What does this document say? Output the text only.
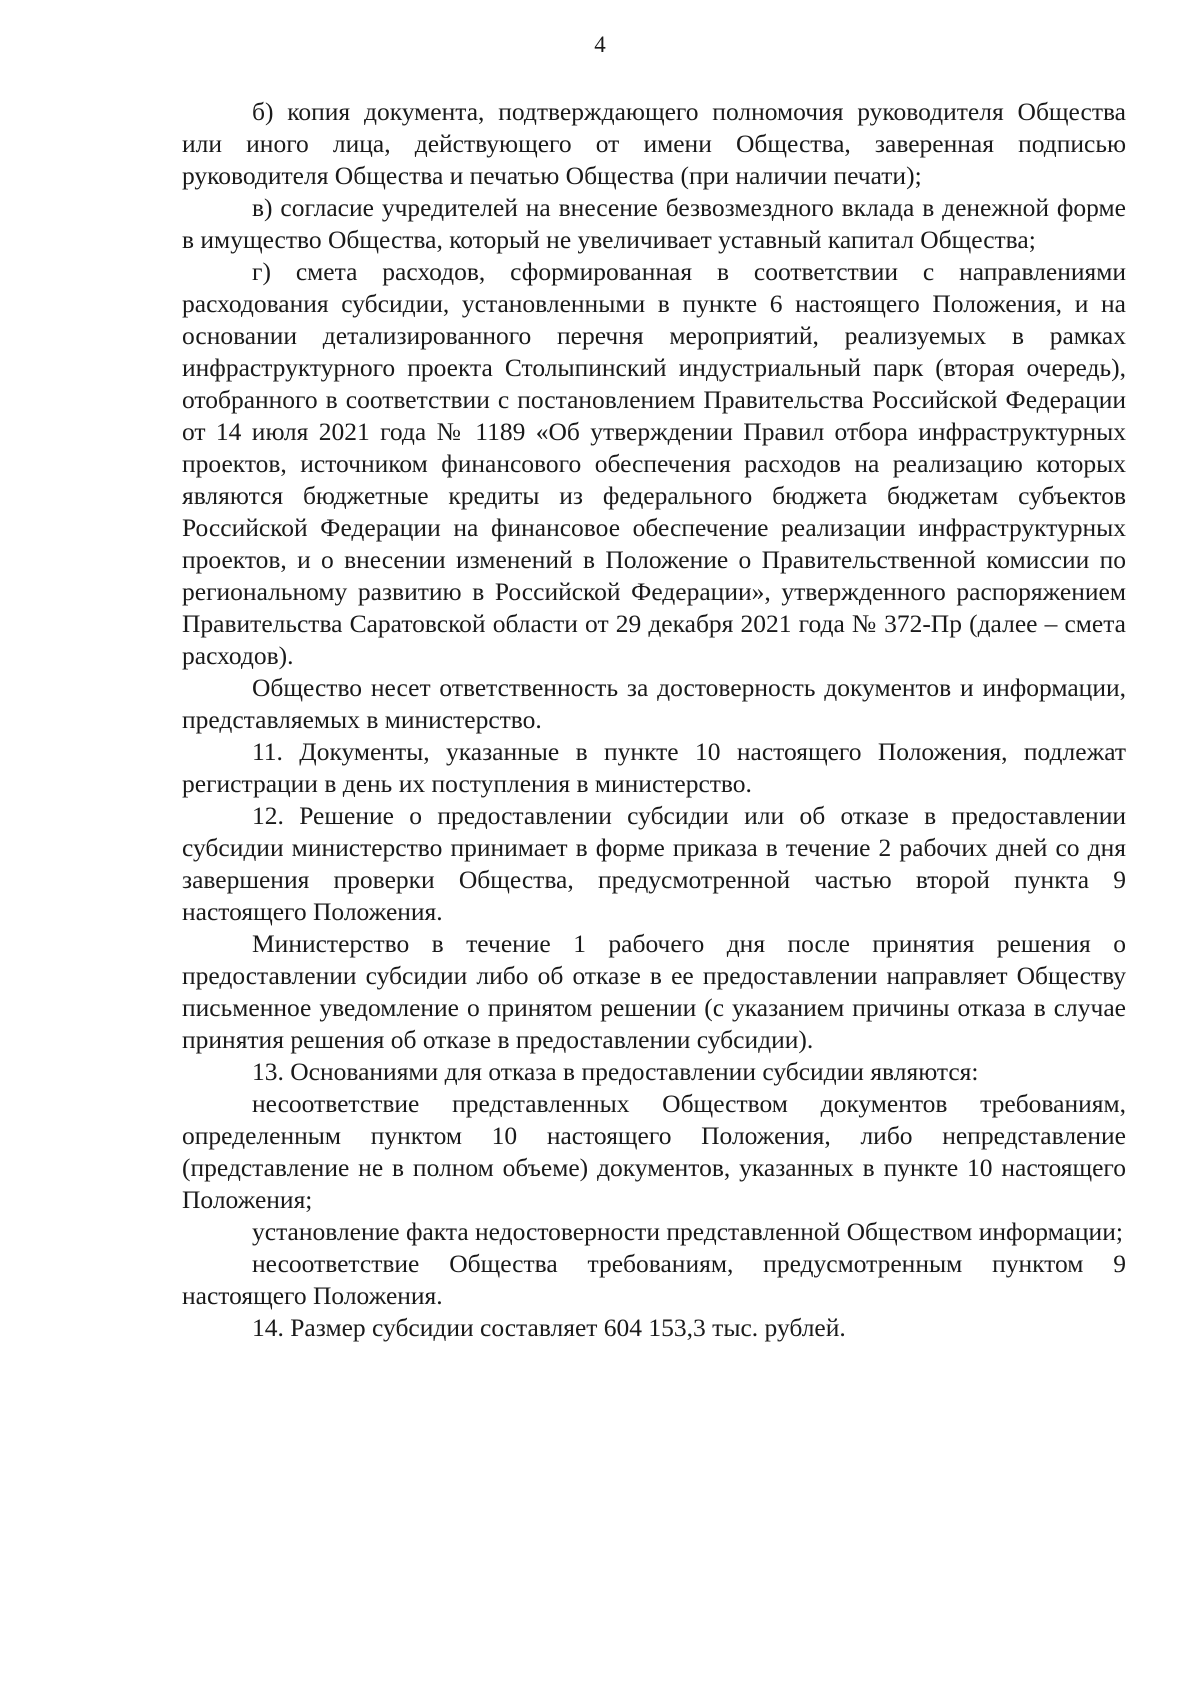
4

б) копия документа, подтверждающего полномочия руководителя Общества или иного лица, действующего от имени Общества, заверенная подписью руководителя Общества и печатью Общества (при наличии печати);

в) согласие учредителей на внесение безвозмездного вклада в денежной форме в имущество Общества, который не увеличивает уставный капитал Общества;

г) смета расходов, сформированная в соответствии с направлениями расходования субсидии, установленными в пункте 6 настоящего Положения, и на основании детализированного перечня мероприятий, реализуемых в рамках инфраструктурного проекта Столыпинский индустриальный парк (вторая очередь), отобранного в соответствии с постановлением Правительства Российской Федерации от 14 июля 2021 года № 1189 «Об утверждении Правил отбора инфраструктурных проектов, источником финансового обеспечения расходов на реализацию которых являются бюджетные кредиты из федерального бюджета бюджетам субъектов Российской Федерации на финансовое обеспечение реализации инфраструктурных проектов, и о внесении изменений в Положение о Правительственной комиссии по региональному развитию в Российской Федерации», утвержденного распоряжением Правительства Саратовской области от 29 декабря 2021 года № 372-Пр (далее – смета расходов).

Общество несет ответственность за достоверность документов и информации, представляемых в министерство.

11. Документы, указанные в пункте 10 настоящего Положения, подлежат регистрации в день их поступления в министерство.

12. Решение о предоставлении субсидии или об отказе в предоставлении субсидии министерство принимает в форме приказа в течение 2 рабочих дней со дня завершения проверки Общества, предусмотренной частью второй пункта 9 настоящего Положения.

Министерство в течение 1 рабочего дня после принятия решения о предоставлении субсидии либо об отказе в ее предоставлении направляет Обществу письменное уведомление о принятом решении (с указанием причины отказа в случае принятия решения об отказе в предоставлении субсидии).

13. Основаниями для отказа в предоставлении субсидии являются:

несоответствие представленных Обществом документов требованиям, определенным пунктом 10 настоящего Положения, либо непредставление (представление не в полном объеме) документов, указанных в пункте 10 настоящего Положения;

установление факта недостоверности представленной Обществом информации;

несоответствие Общества требованиям, предусмотренным пунктом 9 настоящего Положения.

14. Размер субсидии составляет 604 153,3 тыс. рублей.
